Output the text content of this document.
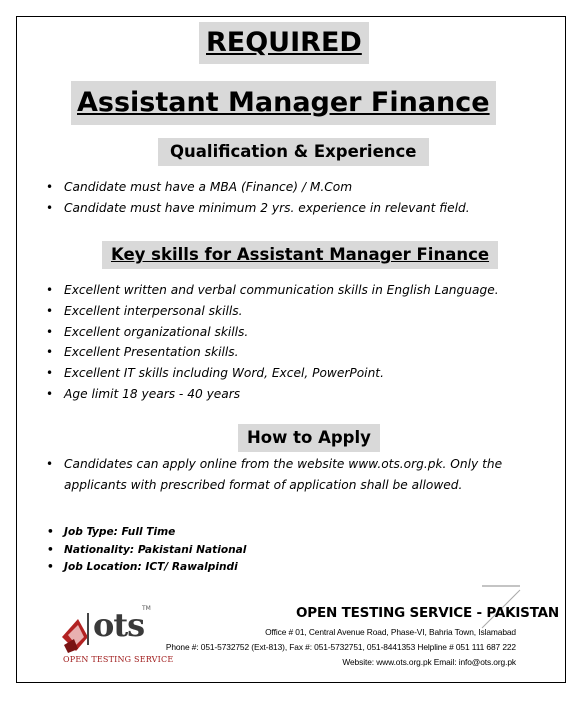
REQUIRED
Assistant Manager Finance
Qualification & Experience
• Candidate must have a MBA (Finance) / M.Com
• Candidate must have minimum 2 yrs. experience in relevant field.
Key skills for Assistant Manager Finance
• Excellent written and verbal communication skills in English Language.
• Excellent interpersonal skills.
• Excellent organizational skills.
• Excellent Presentation skills.
• Excellent IT skills including Word, Excel, PowerPoint.
• Age limit 18 years - 40 years
How to Apply
• Candidates can apply online from the website www.ots.org.pk. Only the applicants with prescribed format of application shall be allowed.
• Job Type: Full Time
• Nationality: Pakistani National
• Job Location: ICT/ Rawalpindi
ots
TM
OPEN TESTING SERVICE
OPEN TESTING SERVICE - PAKISTAN
Office # 01, Central Avenue Road, Phase-VI, Bahria Town, Islamabad
Phone #: 051-5732752 (Ext-813), Fax #: 051-5732751, 051-8441353 Helpline # 051 111 687 222
Website: www.ots.org.pk Email: info@ots.org.pk
